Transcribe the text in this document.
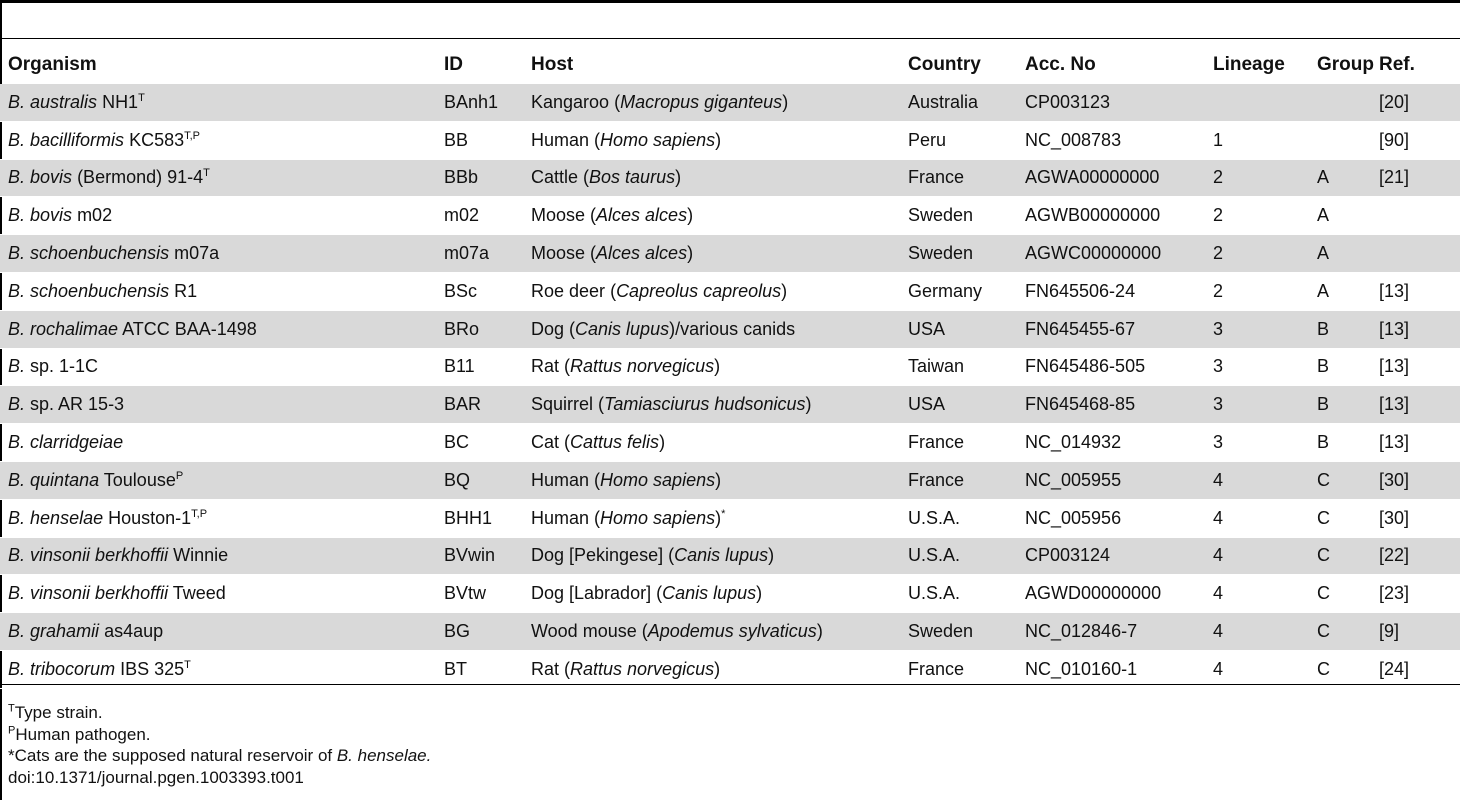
Organism	ID	Host	Country	Acc. No	Lineage	Group	Ref.
B. australis $NH1^T$	BAnh1	Kangaroo (Macropus giganteus)	Australia	CP003123			[20]
B. bacilliformis $KC583^{T,P}$	BB	Human (Homo sapiens)	Peru	NC_008783	1		[90]
B. bovis (Bermond) $91-4^T$	BBb	Cattle (Bos taurus)	France	AGWA00000000	2	A	[21]
B. bovis m02	m02	Moose (Alces alces)	Sweden	AGWB00000000	2	A	
B. schoenbuchensis m07a	m07a	Moose (Alces alces)	Sweden	AGWC00000000	2	A	
B. schoenbuchensis R1	BSc	Roe deer (Capreolus capreolus)	Germany	FN645506-24	2	A	[13]
B. rochalimae ATCC BAA-1498	BRo	Dog (Canis lupus)/various canids	USA	FN645455-67	3	B	[13]
B. sp. 1-1C	B11	Rat (Rattus norvegicus)	Taiwan	FN645486-505	3	B	[13]
B. sp. AR 15-3	BAR	Squirrel (Tamiasciurus hudsonicus)	USA	FN645468-85	3	B	[13]
B. clarridgeiae	BC	Cat (Cattus felis)	France	NC_014932	3	B	[13]
B. quintana Toulouse$^P$	BQ	Human (Homo sapiens)	France	NC_005955	4	C	[30]
B. henselae Houston-$1^{T,P}$	BHH1	Human (Homo sapiens)*	U.S.A.	NC_005956	4	C	[30]
B. vinsonii berkhoffii Winnie	BVwin	Dog [Pekingese] (Canis lupus)	U.S.A.	CP003124	4	C	[22]
B. vinsonii berkhoffii Tweed	BVtw	Dog [Labrador] (Canis lupus)	U.S.A.	AGWD00000000	4	C	[23]
B. grahamii as4aup	BG	Wood mouse (Apodemus sylvaticus)	Sweden	NC_012846-7	4	C	[9]
B. tribocorum IBS $325^T$	BT	Rat (Rattus norvegicus)	France	NC_010160-1	4	C	[24]
$^T$Type strain.
$^P$Human pathogen.
*Cats are the supposed natural reservoir of B. henselae.
doi:10.1371/journal.pgen.1003393.t001
